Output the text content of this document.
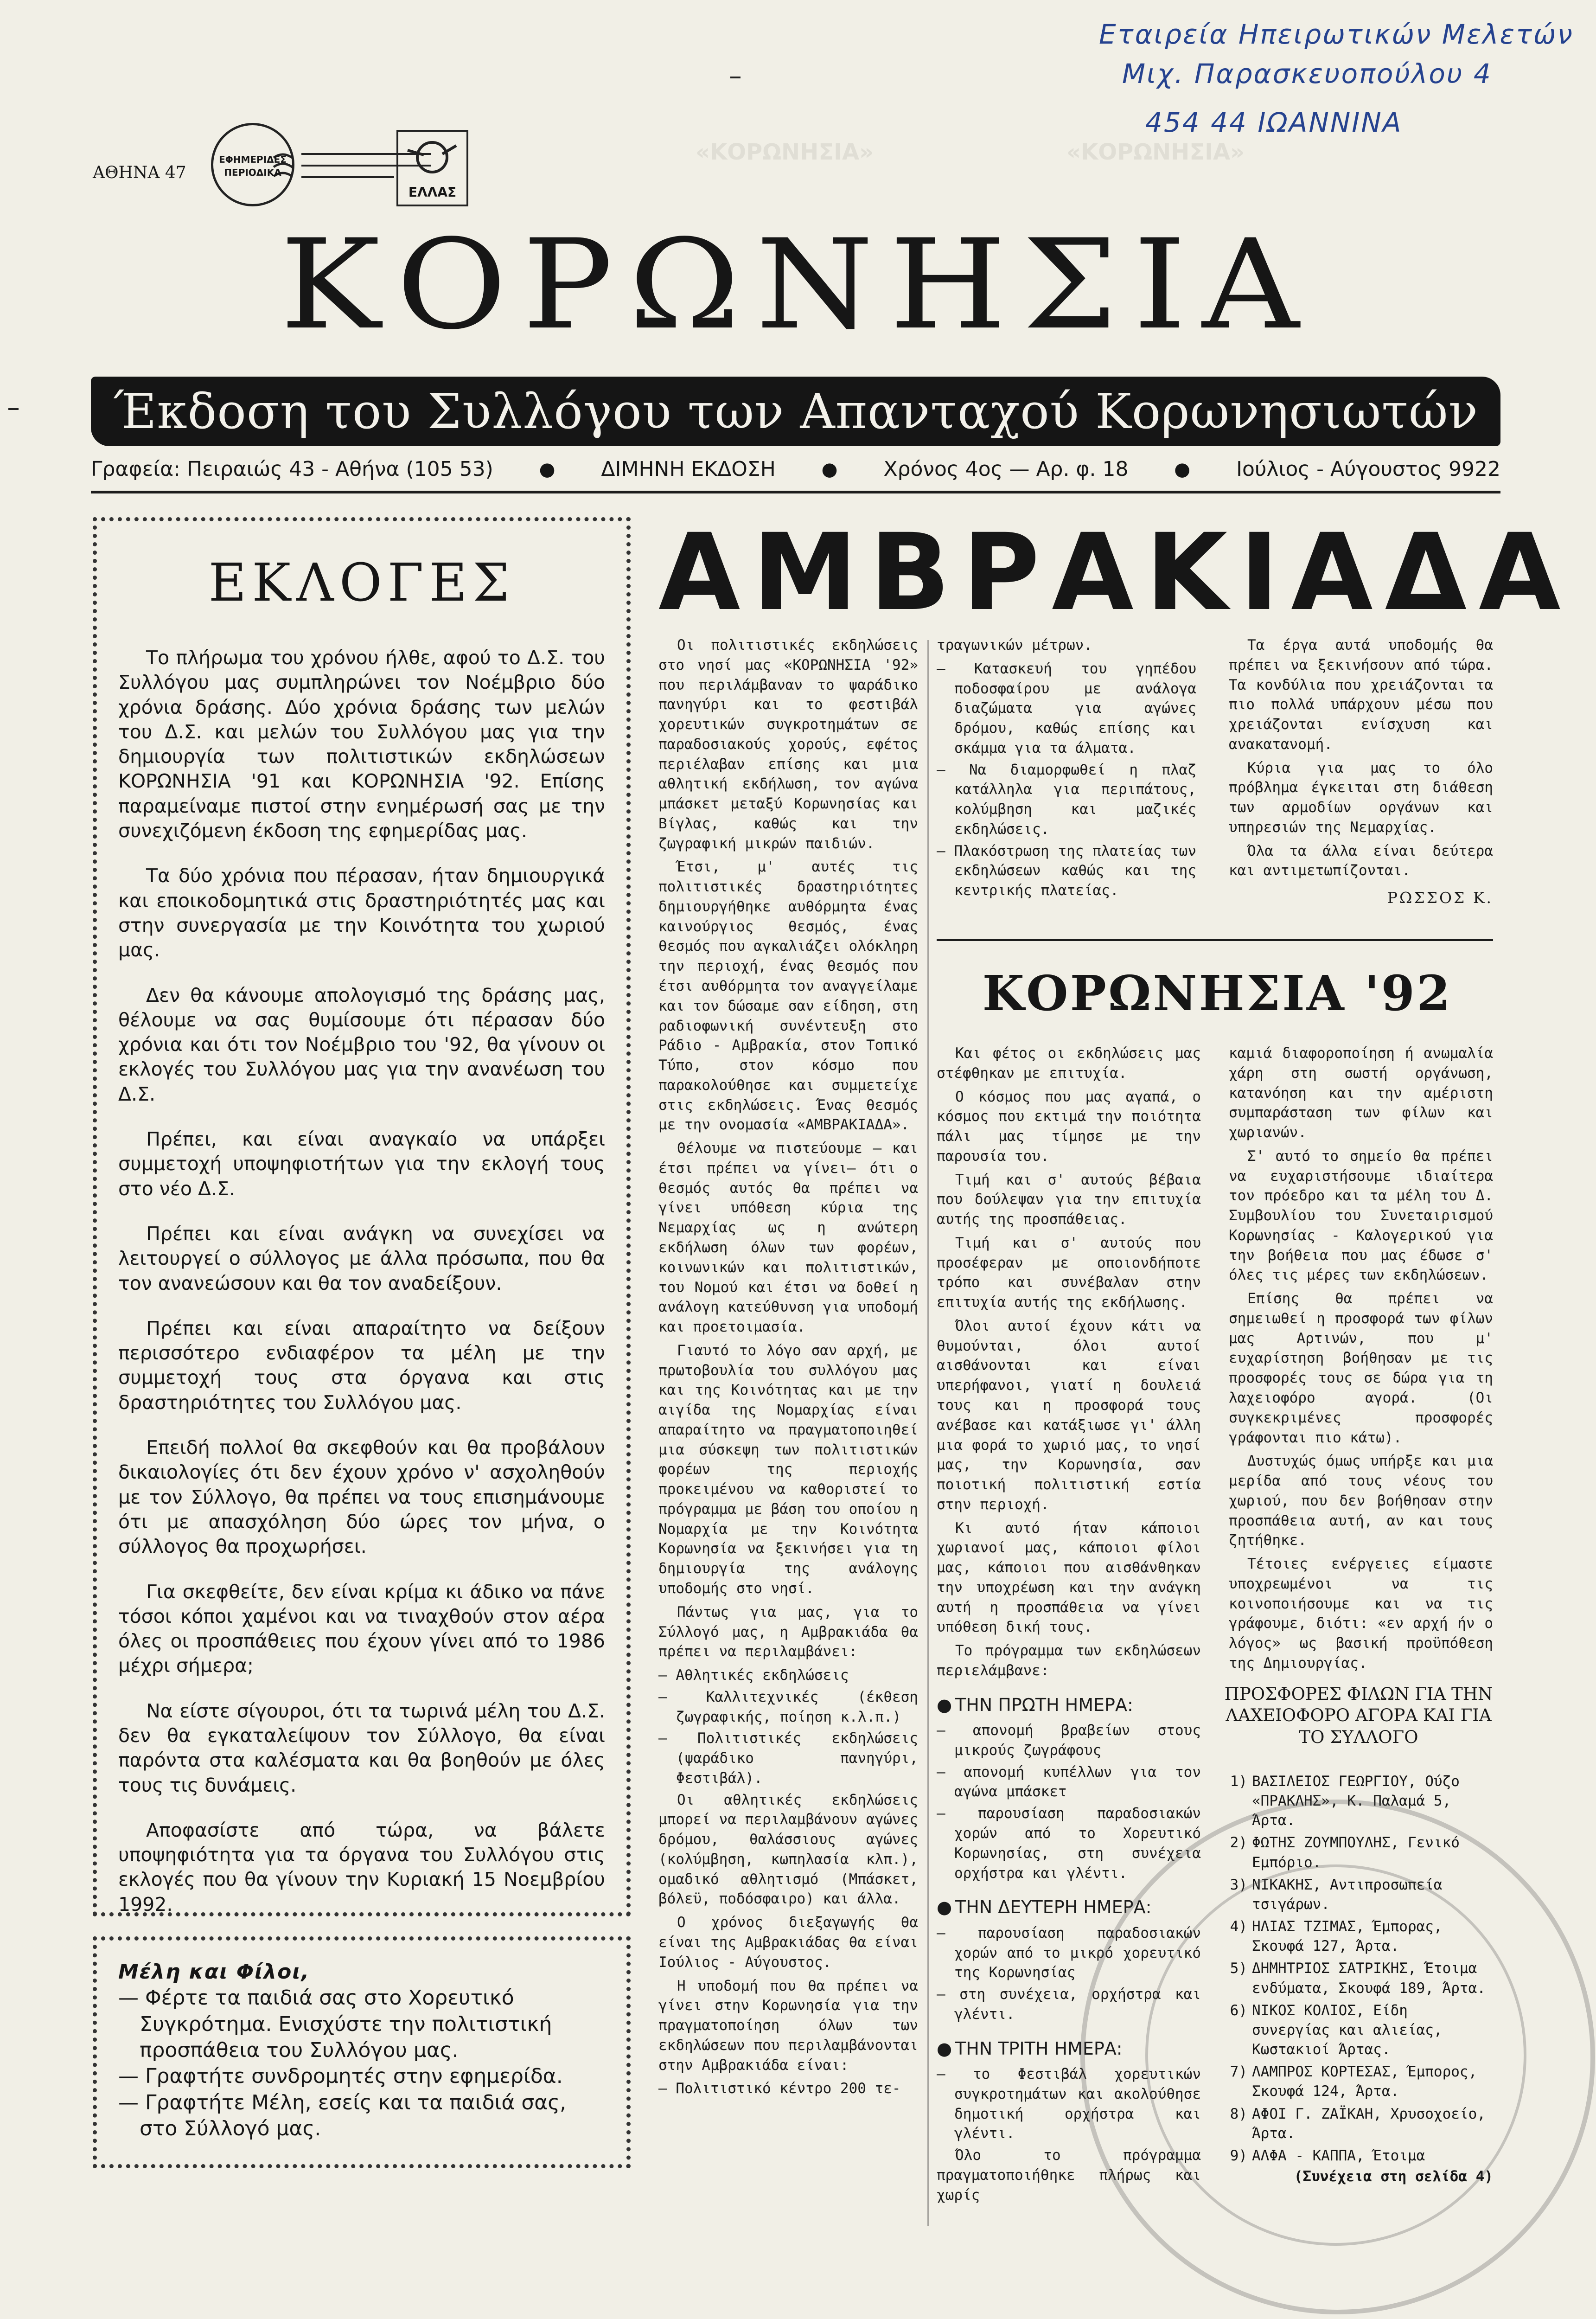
«ΚΟΡΩΝΗΣΙΑ»	«ΚΟΡΩΝΗΣΙΑ»
Εταιρεία Ηπειρωτικών Μελετών
Μιχ. Παρασκευοπούλου 4
454 44 ΙΩΑΝΝΙΝΑ
ΑΘΗΝΑ 47
ΕΦΗΜΕΡΙΔΕΣ ΠΕΡΙΟΔΙΚΑ
ΕΛΛΑΣ
ΚΟΡΩΝΗΣΙΑ
Έκδοση του Συλλόγου των Απανταχού Κορωνησιωτών
Γραφεία: Πειραιώς 43 - Αθήνα (105 53) ● ΔΙΜΗΝΗ ΕΚΔΟΣΗ ● Χρόνος 4ος — Αρ. φ. 18 ● Ιούλιος - Αύγουστος 9922
ΕΚΛΟΓΕΣ

Το πλήρωμα του χρόνου ήλθε, αφού το Δ.Σ. του Συλλόγου μας συμπληρώνει τον Νοέμβριο δύο χρόνια δράσης. Δύο χρόνια δράσης των μελών του Δ.Σ. και μελών του Συλλόγου μας για την δημιουργία των πολιτιστικών εκδηλώσεων ΚΟΡΩΝΗΣΙΑ '91 και ΚΟΡΩΝΗΣΙΑ '92. Επίσης παραμείναμε πιστοί στην ενημέρωσή σας με την συνεχιζόμενη έκδοση της εφημερίδας μας.

Τα δύο χρόνια που πέρασαν, ήταν δημιουργικά και εποικοδομητικά στις δραστηριότητές μας και στην συνεργασία με την Κοινότητα του χωριού μας.

Δεν θα κάνουμε απολογισμό της δράσης μας, θέλουμε να σας θυμίσουμε ότι πέρασαν δύο χρόνια και ότι τον Νοέμβριο του '92, θα γίνουν οι εκλογές του Συλλόγου μας για την ανανέωση του Δ.Σ.

Πρέπει, και είναι αναγκαίο να υπάρξει συμμετοχή υποψηφιοτήτων για την εκλογή τους στο νέο Δ.Σ.

Πρέπει και είναι ανάγκη να συνεχίσει να λειτουργεί ο σύλλογος με άλλα πρόσωπα, που θα τον ανανεώσουν και θα τον αναδείξουν.

Πρέπει και είναι απαραίτητο να δείξουν περισσότερο ενδιαφέρον τα μέλη με την συμμετοχή τους στα όργανα και στις δραστηριότητες του Συλλόγου μας.

Επειδή πολλοί θα σκεφθούν και θα προβάλουν δικαιολογίες ότι δεν έχουν χρόνο ν' ασχοληθούν με τον Σύλλογο, θα πρέπει να τους επισημάνουμε ότι με απασχόληση δύο ώρες τον μήνα, ο σύλλογος θα προχωρήσει.

Για σκεφθείτε, δεν είναι κρίμα κι άδικο να πάνε τόσοι κόποι χαμένοι και να τιναχθούν στον αέρα όλες οι προσπάθειες που έχουν γίνει από το 1986 μέχρι σήμερα;

Να είστε σίγουροι, ότι τα τωρινά μέλη του Δ.Σ. δεν θα εγκαταλείψουν τον Σύλλογο, θα είναι παρόντα στα καλέσματα και θα βοηθούν με όλες τους τις δυνάμεις.

Αποφασίστε από τώρα, να βάλετε υποψηφιότητα για τα όργανα του Συλλόγου στις εκλογές που θα γίνουν την Κυριακή 15 Νοεμβρίου 1992.

Μέλη και Φίλοι,
— Φέρτε τα παιδιά σας στο Χορευτικό Συγκρότημα. Ενισχύστε την πολιτιστική προσπάθεια του Συλλόγου μας.
— Γραφτήτε συνδρομητές στην εφημερίδα.
— Γραφτήτε Μέλη, εσείς και τα παιδιά σας, στο Σύλλογό μας.
ΑΜΒΡΑΚΙΑΔΑ

Οι πολιτιστικές εκδηλώσεις στο νησί μας «ΚΟΡΩΝΗΣΙΑ '92» που περιλάμβαναν το ψαράδικο πανηγύρι και το φεστιβάλ χορευτικών συγκροτημάτων σε παραδοσιακούς χορούς, εφέτος περιέλαβαν επίσης και μια αθλητική εκδήλωση, τον αγώνα μπάσκετ μεταξύ Κορωνησίας και Βίγλας, καθώς και την ζωγραφική μικρών παιδιών.

Έτσι, μ' αυτές τις πολιτιστικές δραστηριότητες δημιουργήθηκε αυθόρμητα ένας καινούργιος θεσμός, ένας θεσμός που αγκαλιάζει ολόκληρη την περιοχή, ένας θεσμός που έτσι αυθόρμητα τον αναγγείλαμε και τον δώσαμε σαν είδηση, στη ραδιοφωνική συνέντευξη στο Ράδιο - Αμβρακία, στον Τοπικό Τύπο, στον κόσμο που παρακολούθησε και συμμετείχε στις εκδηλώσεις. Ένας θεσμός με την ονομασία «ΑΜΒΡΑΚΙΑΔΑ».

Θέλουμε να πιστεύουμε — και έτσι πρέπει να γίνει— ότι ο θεσμός αυτός θα πρέπει να γίνει υπόθεση κύρια της Νεμαρχίας ως η ανώτερη εκδήλωση όλων των φορέων, κοινωνικών και πολιτιστικών, του Νομού και έτσι να δοθεί η ανάλογη κατεύθυνση για υποδομή και προετοιμασία.

Γιαυτό το λόγο σαν αρχή, με πρωτοβουλία του συλλόγου μας και της Κοινότητας και με την αιγίδα της Νομαρχίας είναι απαραίτητο να πραγματοποιηθεί μια σύσκεψη των πολιτιστικών φορέων της περιοχής προκειμένου να καθοριστεί το πρόγραμμα με βάση του οποίου η Νομαρχία με την Κοινότητα Κορωνησία να ξεκινήσει για τη δημιουργία της ανάλογης υποδομής στο νησί.

Πάντως για μας, για το Σύλλογό μας, η Αμβρακιάδα θα πρέπει να περιλαμβάνει:

— Αθλητικές εκδηλώσεις

— Καλλιτεχνικές (έκθεση ζωγραφικής, ποίηση κ.λ.π.)

— Πολιτιστικές εκδηλώσεις (ψαράδικο πανηγύρι, Φεστιβάλ).

Οι αθλητικές εκδηλώσεις μπορεί να περιλαμβάνουν αγώνες δρόμου, θαλάσσιους αγώνες (κολύμβηση, κωπηλασία κλπ.), ομαδικό αθλητισμό (Μπάσκετ, βόλεϋ, ποδόσφαιρο) και άλλα.

Ο χρόνος διεξαγωγής θα είναι της Αμβρακιάδας θα είναι Ιούλιος - Αύγουστος.

Η υποδομή που θα πρέπει να γίνει στην Κορωνησία για την πραγματοποίηση όλων των εκδηλώσεων που περιλαμβάνονται στην Αμβρακιάδα είναι:

— Πολιτιστικό κέντρο 200 τε-

τραγωνικών μέτρων.

— Κατασκευή του γηπέδου ποδοσφαίρου με ανάλογα διαζώματα για αγώνες δρόμου, καθώς επίσης και σκάμμα για τα άλματα.

— Να διαμορφωθεί η πλαζ κατάλληλα για περιπάτους, κολύμβηση και μαζικές εκδηλώσεις.

— Πλακόστρωση της πλατείας των εκδηλώσεων καθώς και της κεντρικής πλατείας.

Τα έργα αυτά υποδομής θα πρέπει να ξεκινήσουν από τώρα. Τα κονδύλια που χρειάζονται τα πιο πολλά υπάρχουν μέσω που χρειάζονται ενίσχυση και ανακατανομή.

Κύρια για μας το όλο πρόβλημα έγκειται στη διάθεση των αρμοδίων οργάνων και υπηρεσιών της Νεμαρχίας.

Όλα τα άλλα είναι δεύτερα και αντιμετωπίζονται.

ΡΩΣΣΟΣ Κ.
ΚΟΡΩΝΗΣΙΑ '92

Και φέτος οι εκδηλώσεις μας στέφθηκαν με επιτυχία.

Ο κόσμος που μας αγαπά, ο κόσμος που εκτιμά την ποιότητα πάλι μας τίμησε με την παρουσία του.

Τιμή και σ' αυτούς βέβαια που δούλεψαν για την επιτυχία αυτής της προσπάθειας.

Τιμή και σ' αυτούς που προσέφεραν με οποιονδήποτε τρόπο και συνέβαλαν στην επιτυχία αυτής της εκδήλωσης.

Όλοι αυτοί έχουν κάτι να θυμούνται, όλοι αυτοί αισθάνονται και είναι υπερήφανοι, γιατί η δουλειά τους και η προσφορά τους ανέβασε και κατάξιωσε γι' άλλη μια φορά το χωριό μας, το νησί μας, την Κορωνησία, σαν ποιοτική πολιτιστική εστία στην περιοχή.

Κι αυτό ήταν κάποιοι χωριανοί μας, κάποιοι φίλοι μας, κάποιοι που αισθάνθηκαν την υποχρέωση και την ανάγκη αυτή η προσπάθεια να γίνει υπόθεση δική τους.

Το πρόγραμμα των εκδηλώσεων περιελάμβανε:

● ΤΗΝ ΠΡΩΤΗ ΗΜΕΡΑ:

— απονομή βραβείων στους μικρούς ζωγράφους

— απονομή κυπέλλων για τον αγώνα μπάσκετ

— παρουσίαση παραδοσιακών χορών από το Χορευτικό Κορωνησίας, στη συνέχεια ορχήστρα και γλέντι.

● ΤΗΝ ΔΕΥΤΕΡΗ ΗΜΕΡΑ:

— παρουσίαση παραδοσιακών χορών από το μικρό χορευτικό της Κορωνησίας

— στη συνέχεια, ορχήστρα και γλέντι.

● ΤΗΝ ΤΡΙΤΗ ΗΜΕΡΑ:

— το Φεστιβάλ χορευτικών συγκροτημάτων και ακολούθησε δημοτική ορχήστρα και γλέντι.

Όλο το πρόγραμμα πραγματοποιήθηκε πλήρως και χωρίς

καμιά διαφοροποίηση ή ανωμαλία χάρη στη σωστή οργάνωση, κατανόηση και την αμέριστη συμπαράσταση των φίλων και χωριανών.

Σ' αυτό το σημείο θα πρέπει να ευχαριστήσουμε ιδιαίτερα τον πρόεδρο και τα μέλη του Δ. Συμβουλίου του Συνεταιρισμού Κορωνησίας - Καλογερικού για την βοήθεια που μας έδωσε σ' όλες τις μέρες των εκδηλώσεων.

Επίσης θα πρέπει να σημειωθεί η προσφορά των φίλων μας Αρτινών, που μ' ευχαρίστηση βοήθησαν με τις προσφορές τους σε δώρα για τη λαχειοφόρο αγορά. (Οι συγκεκριμένες προσφορές γράφονται πιο κάτω).

Δυστυχώς όμως υπήρξε και μια μερίδα από τους νέους του χωριού, που δεν βοήθησαν στην προσπάθεια αυτή, αν και τους ζητήθηκε.

Τέτοιες ενέργειες είμαστε υποχρεωμένοι να τις κοινοποιήσουμε και να τις γράφουμε, διότι: «εν αρχή ήν ο λόγος» ως βασική προϋπόθεση της Δημιουργίας.

ΠΡΟΣΦΟΡΕΣ ΦΙΛΩΝ ΓΙΑ ΤΗΝ ΛΑΧΕΙΟΦΟΡΟ ΑΓΟΡΑ ΚΑΙ ΓΙΑ ΤΟ ΣΥΛΛΟΓΟ
1) ΒΑΣΙΛΕΙΟΣ ΓΕΩΡΓΙΟΥ, Ούζο «ΠΡΑΚΛΗΣ», Κ. Παλαμά 5, Άρτα.
2) ΦΩΤΗΣ ΖΟΥΜΠΟΥΛΗΣ, Γενικό Εμπόριο.
3) ΝΙΚΑΚΗΣ, Αντιπροσωπεία τσιγάρων.
4) ΗΛΙΑΣ ΤΖΙΜΑΣ, Έμπορας, Σκουφά 127, Άρτα.
5) ΔΗΜΗΤΡΙΟΣ ΣΑΤΡΙΚΗΣ, Έτοιμα ενδύματα, Σκουφά 189, Άρτα.
6) ΝΙΚΟΣ ΚΟΛΙΟΣ, Είδη συνεργίας και αλιείας, Κωστακιοί Άρτας.
7) ΛΑΜΠΡΟΣ ΚΟΡΤΕΣΑΣ, Έμπορος, Σκουφά 124, Άρτα.
8) ΑΦΟΙ Γ. ΖΑΪΚΑΗ, Χρυσοχοείο, Άρτα.
9) ΑΛΦΑ - ΚΑΠΠΑ, Έτοιμα
(Συνέχεια στη σελίδα 4)
